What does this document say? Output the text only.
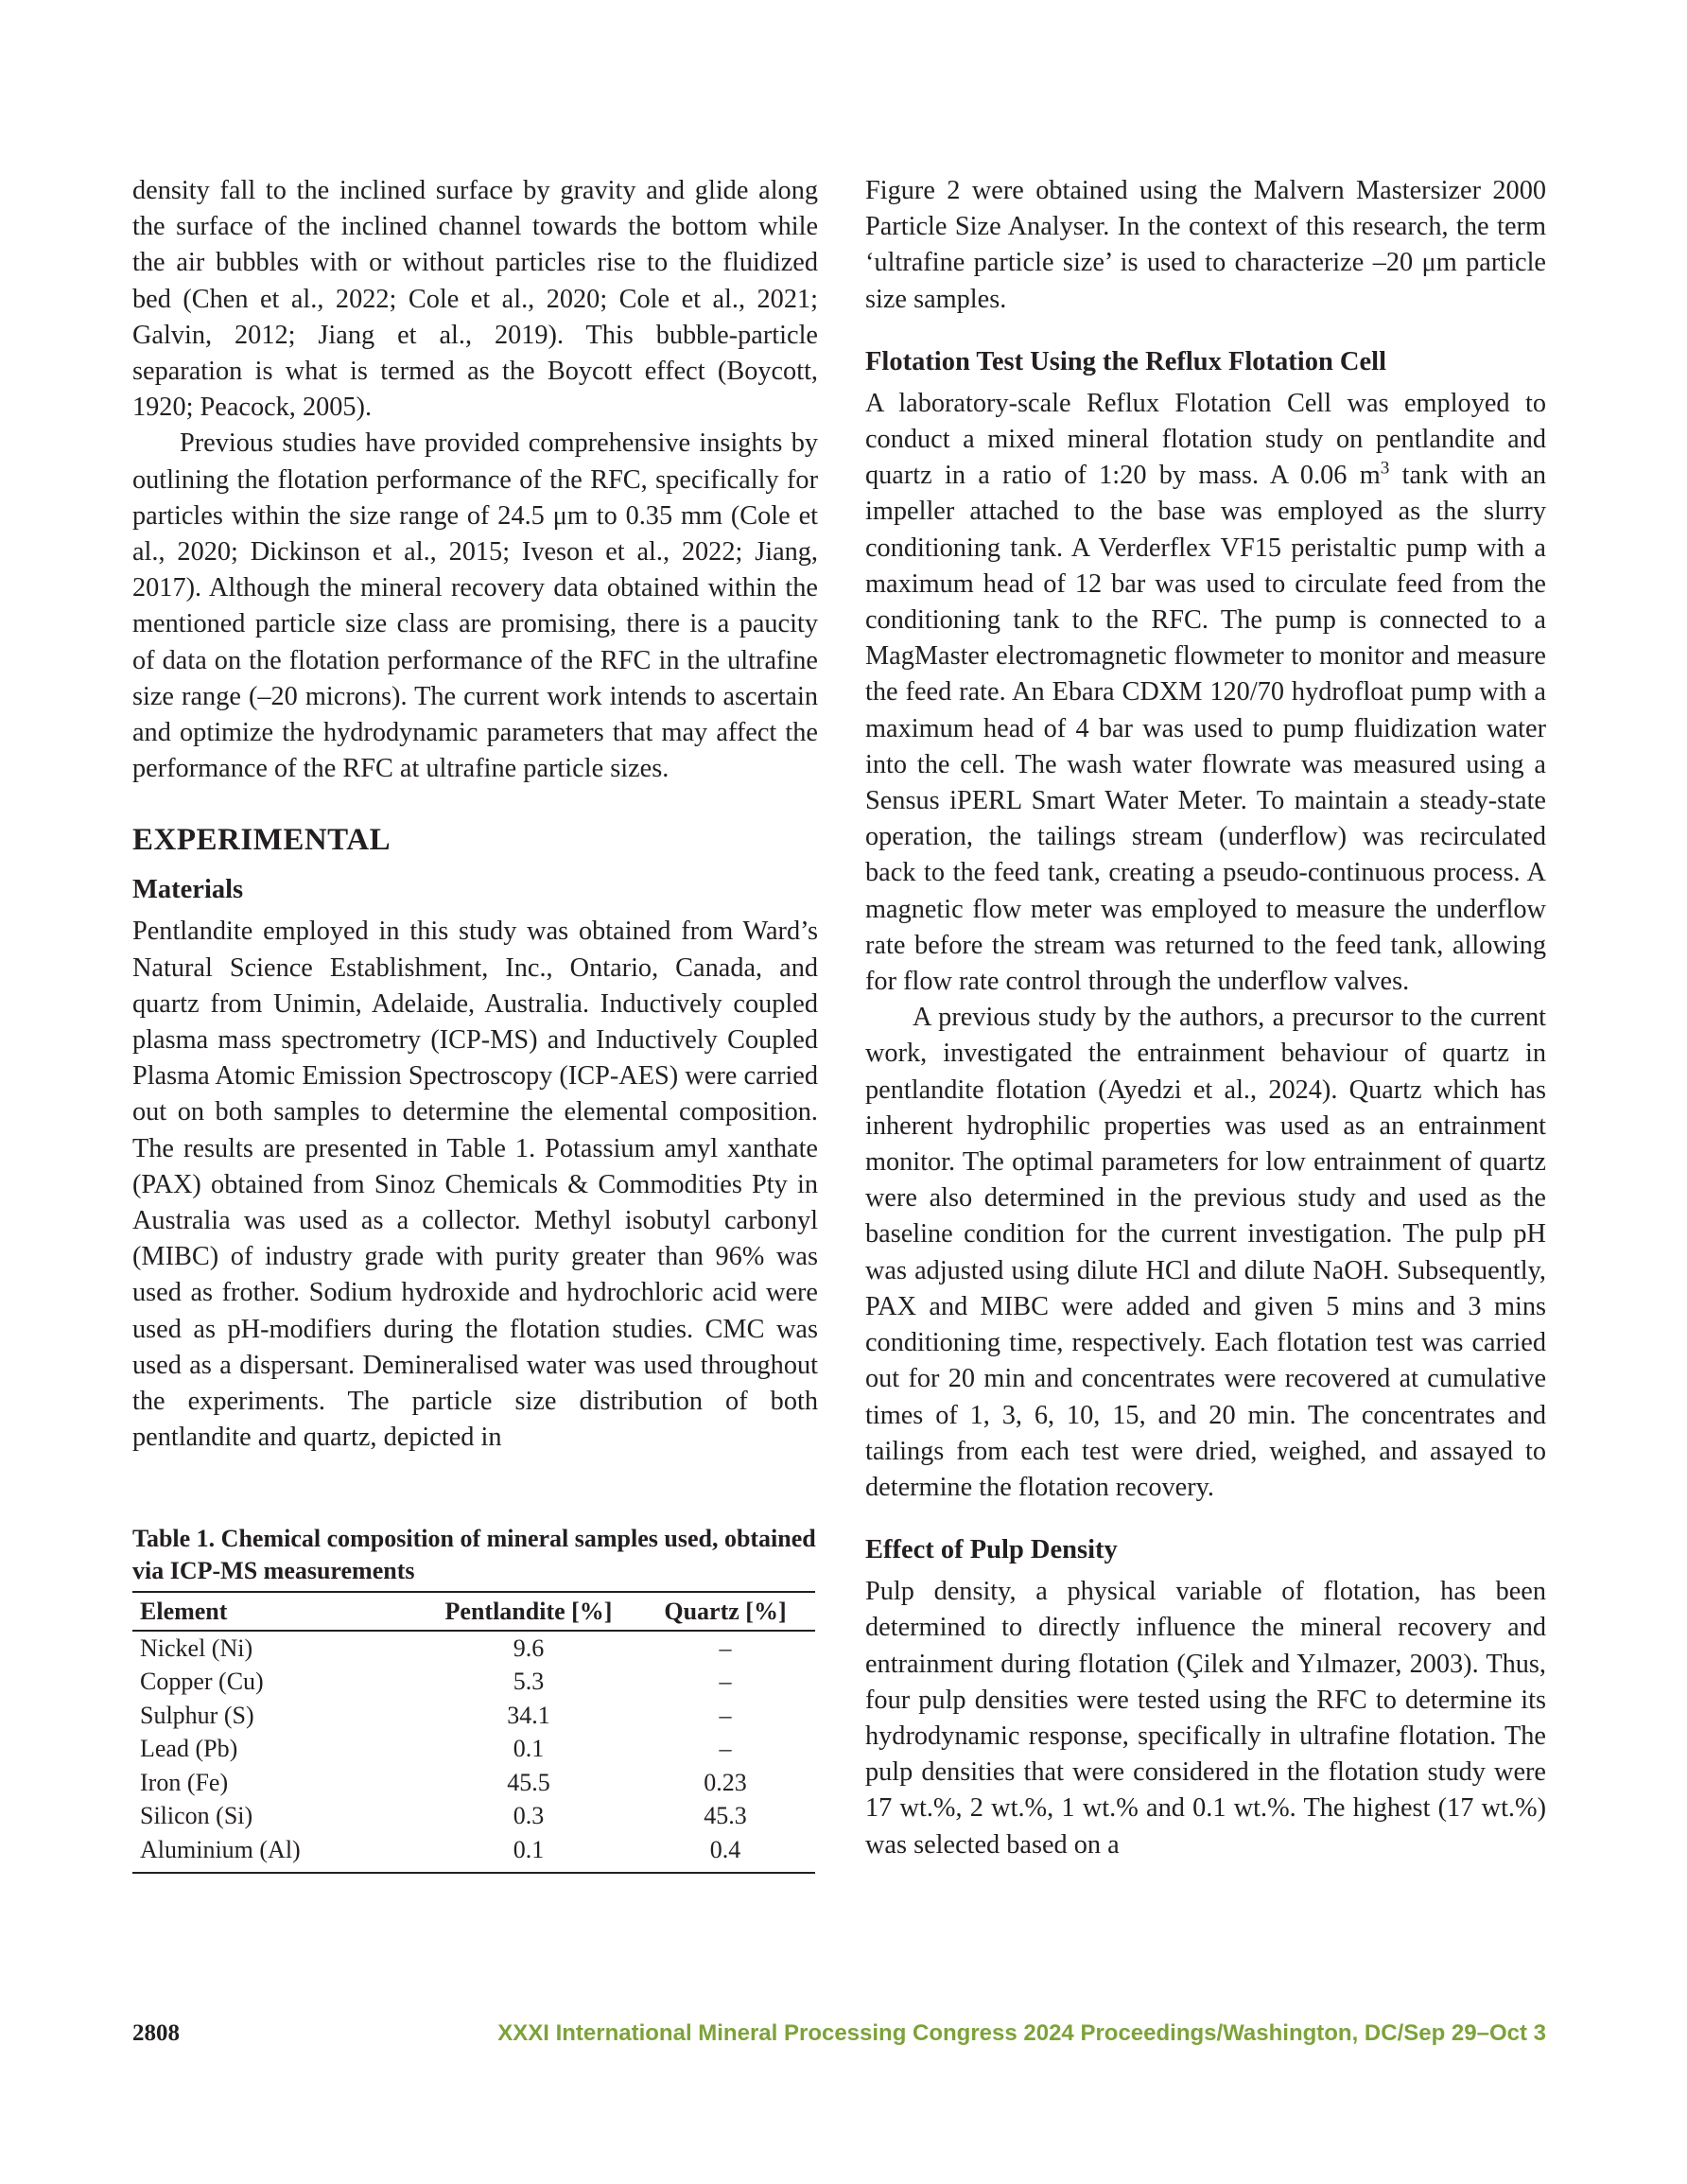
density fall to the inclined surface by gravity and glide along the surface of the inclined channel towards the bottom while the air bubbles with or without particles rise to the fluidized bed (Chen et al., 2022; Cole et al., 2020; Cole et al., 2021; Galvin, 2012; Jiang et al., 2019). This bubble-particle separation is what is termed as the Boycott effect (Boycott, 1920; Peacock, 2005).

Previous studies have provided comprehensive insights by outlining the flotation performance of the RFC, specifically for particles within the size range of 24.5 μm to 0.35 mm (Cole et al., 2020; Dickinson et al., 2015; Iveson et al., 2022; Jiang, 2017). Although the mineral recovery data obtained within the mentioned particle size class are promising, there is a paucity of data on the flotation performance of the RFC in the ultrafine size range (–20 microns). The current work intends to ascertain and optimize the hydrodynamic parameters that may affect the performance of the RFC at ultrafine particle sizes.

EXPERIMENTAL
Materials

Pentlandite employed in this study was obtained from Ward’s Natural Science Establishment, Inc., Ontario, Canada, and quartz from Unimin, Adelaide, Australia. Inductively coupled plasma mass spectrometry (ICP-MS) and Inductively Coupled Plasma Atomic Emission Spectroscopy (ICP-AES) were carried out on both samples to determine the elemental composition. The results are presented in Table 1. Potassium amyl xanthate (PAX) obtained from Sinoz Chemicals & Commodities Pty in Australia was used as a collector. Methyl isobutyl carbonyl (MIBC) of industry grade with purity greater than 96% was used as frother. Sodium hydroxide and hydrochloric acid were used as pH-modifiers during the flotation studies. CMC was used as a dispersant. Demineralised water was used throughout the experiments. The particle size distribution of both pentlandite and quartz, depicted in

Table 1. Chemical composition of mineral samples used, obtained via ICP-MS measurements
Element	Pentlandite [%]	Quartz [%]
Nickel (Ni)	9.6	–
Copper (Cu)	5.3	–
Sulphur (S)	34.1	–
Lead (Pb)	0.1	–
Iron (Fe)	45.5	0.23
Silicon (Si)	0.3	45.3
Aluminium (Al)	0.1	0.4

Figure 2 were obtained using the Malvern Mastersizer 2000 Particle Size Analyser. In the context of this research, the term ‘ultrafine particle size’ is used to characterize –20 μm particle size samples.

Flotation Test Using the Reflux Flotation Cell

A laboratory-scale Reflux Flotation Cell was employed to conduct a mixed mineral flotation study on pentlandite and quartz in a ratio of 1:20 by mass. A 0.06 $m^3$ tank with an impeller attached to the base was employed as the slurry conditioning tank. A Verderflex VF15 peristaltic pump with a maximum head of 12 bar was used to circulate feed from the conditioning tank to the RFC. The pump is connected to a MagMaster electromagnetic flowmeter to monitor and measure the feed rate. An Ebara CDXM 120/70 hydrofloat pump with a maximum head of 4 bar was used to pump fluidization water into the cell. The wash water flowrate was measured using a Sensus iPERL Smart Water Meter. To maintain a steady-state operation, the tailings stream (underflow) was recirculated back to the feed tank, creating a pseudo-continuous process. A magnetic flow meter was employed to measure the underflow rate before the stream was returned to the feed tank, allowing for flow rate control through the underflow valves.

A previous study by the authors, a precursor to the current work, investigated the entrainment behaviour of quartz in pentlandite flotation (Ayedzi et al., 2024). Quartz which has inherent hydrophilic properties was used as an entrainment monitor. The optimal parameters for low entrainment of quartz were also determined in the previous study and used as the baseline condition for the current investigation. The pulp pH was adjusted using dilute HCl and dilute NaOH. Subsequently, PAX and MIBC were added and given 5 mins and 3 mins conditioning time, respectively. Each flotation test was carried out for 20 min and concentrates were recovered at cumulative times of 1, 3, 6, 10, 15, and 20 min. The concentrates and tailings from each test were dried, weighed, and assayed to determine the flotation recovery.

Effect of Pulp Density

Pulp density, a physical variable of flotation, has been determined to directly influence the mineral recovery and entrainment during flotation (Çilek and Yılmazer, 2003). Thus, four pulp densities were tested using the RFC to determine its hydrodynamic response, specifically in ultrafine flotation. The pulp densities that were considered in the flotation study were 17 wt.%, 2 wt.%, 1 wt.% and 0.1 wt.%. The highest (17 wt.%) was selected based on a

2808	XXXI International Mineral Processing Congress 2024 Proceedings/Washington, DC/Sep 29–Oct 3
